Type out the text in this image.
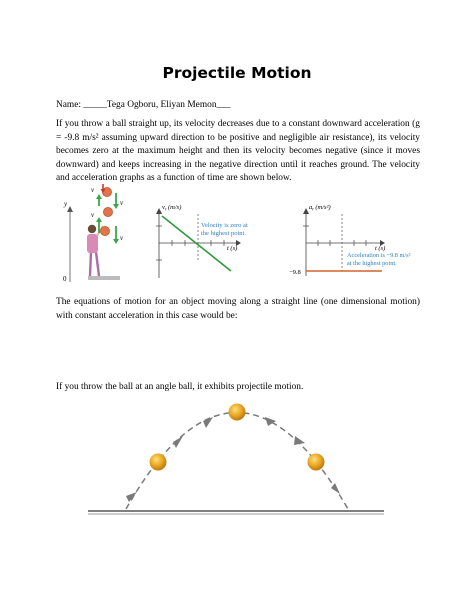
Projectile Motion
Name: _____Tega Ogboru, Eliyan Memon___
If you throw a ball straight up, its velocity decreases due to a constant downward acceleration (g
= -9.8 m/s² assuming upward direction to be positive and negligible air resistance), its velocity
becomes zero at the maximum height and then its velocity becomes negative (since it moves
downward) and keeps increasing in the negative direction until it reaches ground. The velocity
and acceleration graphs as a function of time are shown below.
y
0
v⃗
v⃗
v⃗
v⃗
vᵧ (m/s)
t (s)
Velocity is zero at
the highest point.
aᵧ (m/s²)
t (s)
−9.8
Acceleration is −9.8 m/s²
at the highest point.
The equations of motion for an object moving along a straight line (one dimensional motion)
with constant acceleration in this case would be:
If you throw the ball at an angle ball, it exhibits projectile motion.
